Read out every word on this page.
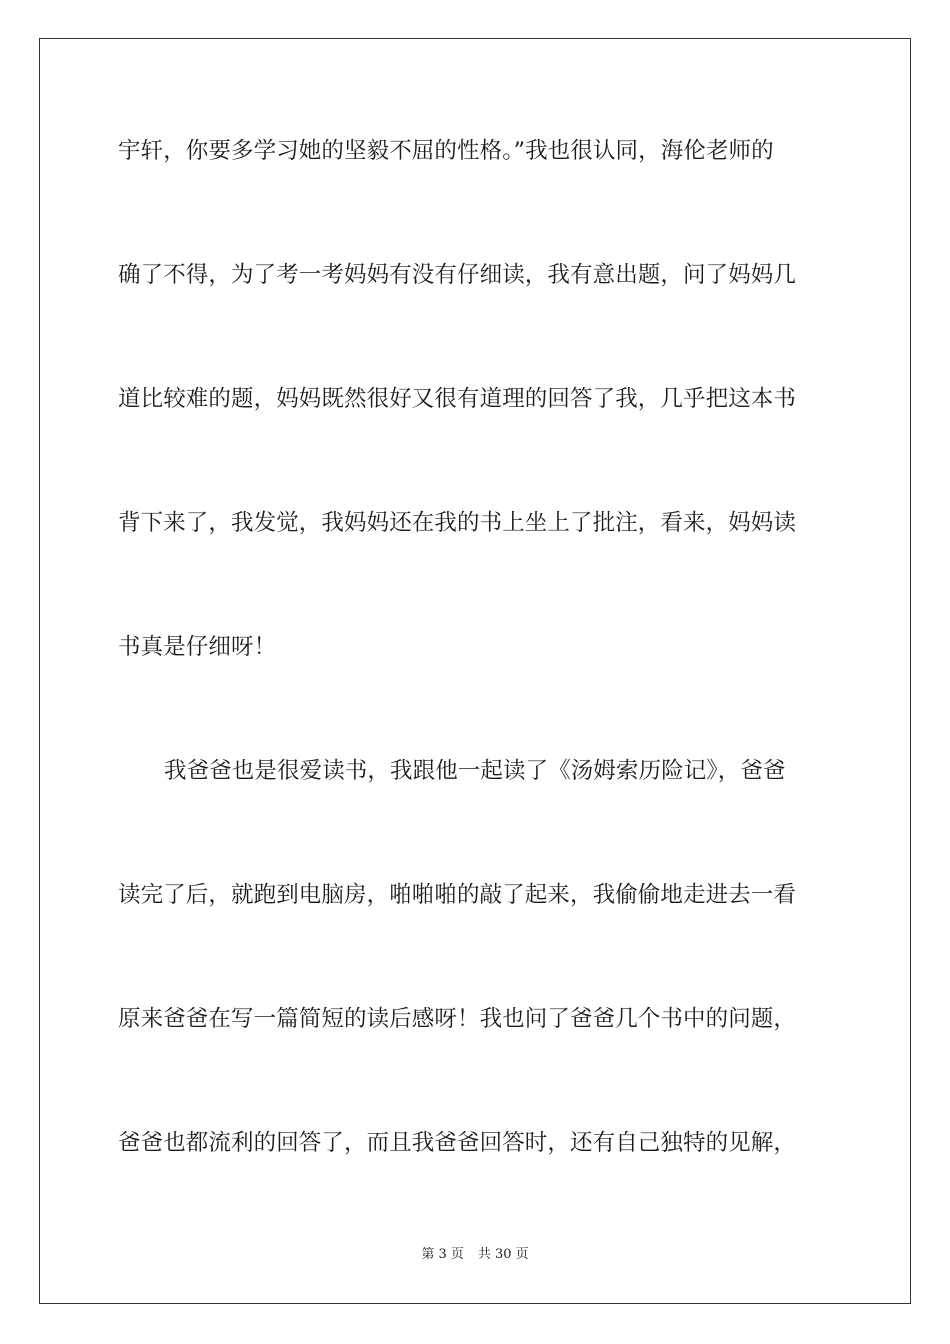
宇轩，你要多学习她的坚毅不屈的性格。”我也很认同，海伦老师的
确了不得，为了考一考妈妈有没有仔细读，我有意出题，问了妈妈几
道比较难的题，妈妈既然很好又很有道理的回答了我，几乎把这本书
背下来了，我发觉，我妈妈还在我的书上坐上了批注，看来，妈妈读
书真是仔细呀！
我爸爸也是很爱读书，我跟他一起读了《汤姆索历险记》，爸爸
读完了后，就跑到电脑房，啪啪啪的敲了起来，我偷偷地走进去一看
原来爸爸在写一篇简短的读后感呀！我也问了爸爸几个书中的问题，
爸爸也都流利的回答了，而且我爸爸回答时，还有自己独特的见解，
第 3 页 共 30 页
